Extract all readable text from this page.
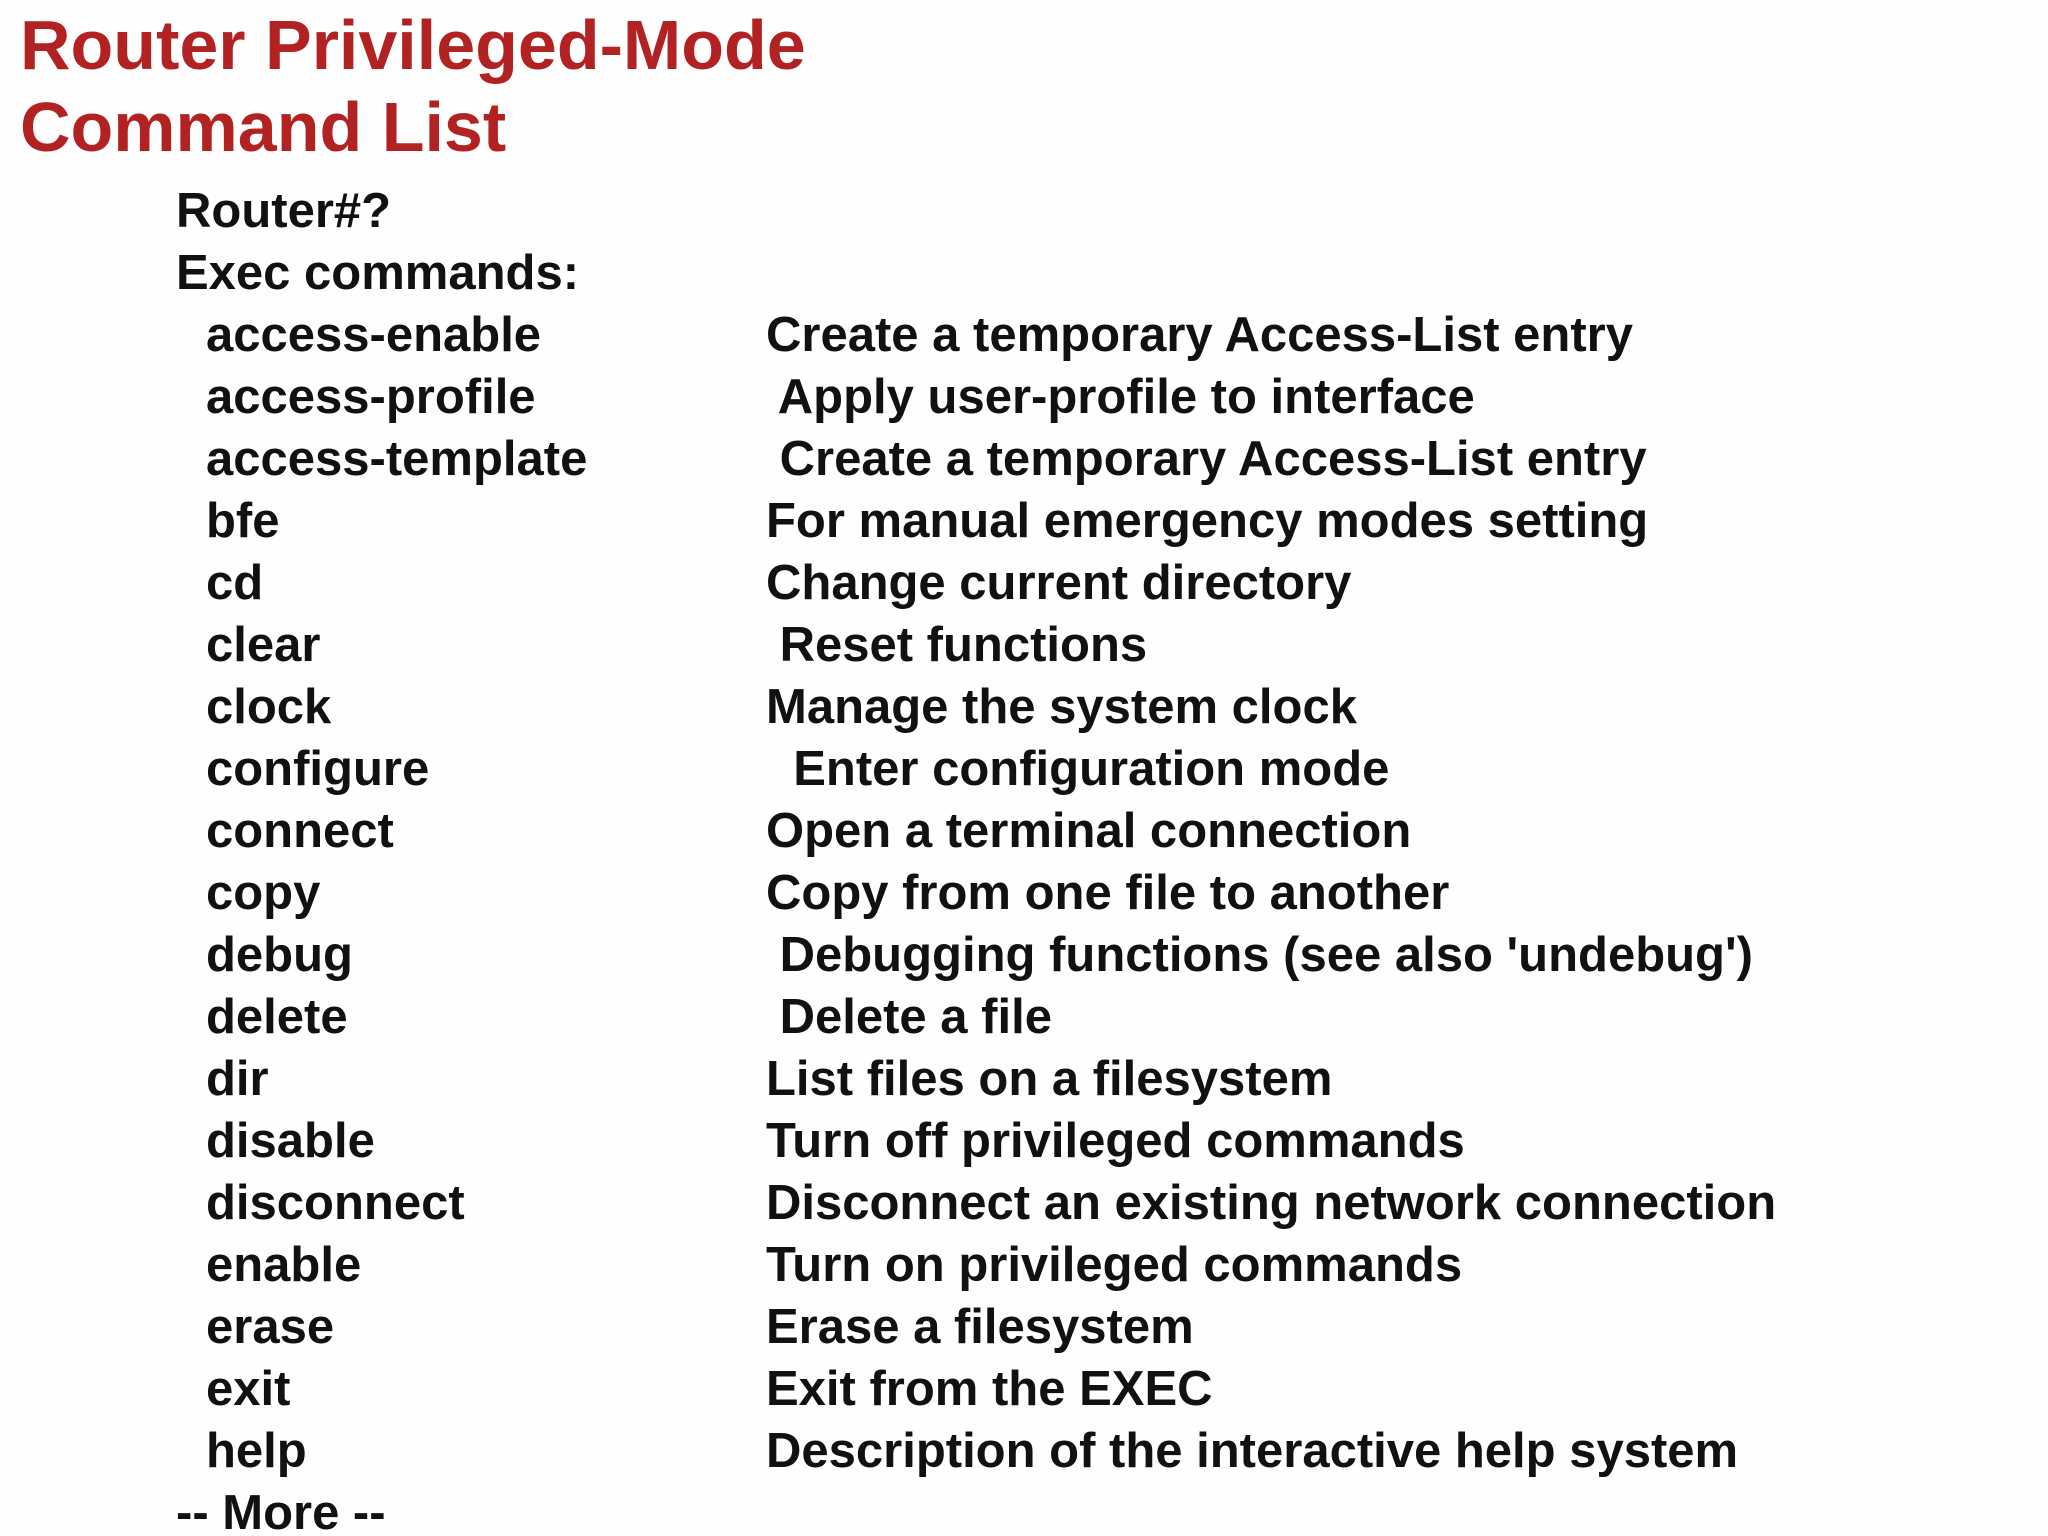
Router Privileged-Mode
Command List
Router#?
Exec commands:
access-enable	Create a temporary Access-List entry
access-profile	Apply user-profile to interface
access-template	Create a temporary Access-List entry
bfe	For manual emergency modes setting
cd	Change current directory
clear	Reset functions
clock	Manage the system clock
configure	Enter configuration mode
connect	Open a terminal connection
copy	Copy from one file to another
debug	Debugging functions (see also 'undebug')
delete	Delete a file
dir	List files on a filesystem
disable	Turn off privileged commands
disconnect	Disconnect an existing network connection
enable	Turn on privileged commands
erase	Erase a filesystem
exit	Exit from the EXEC
help	Description of the interactive help system
-- More --
